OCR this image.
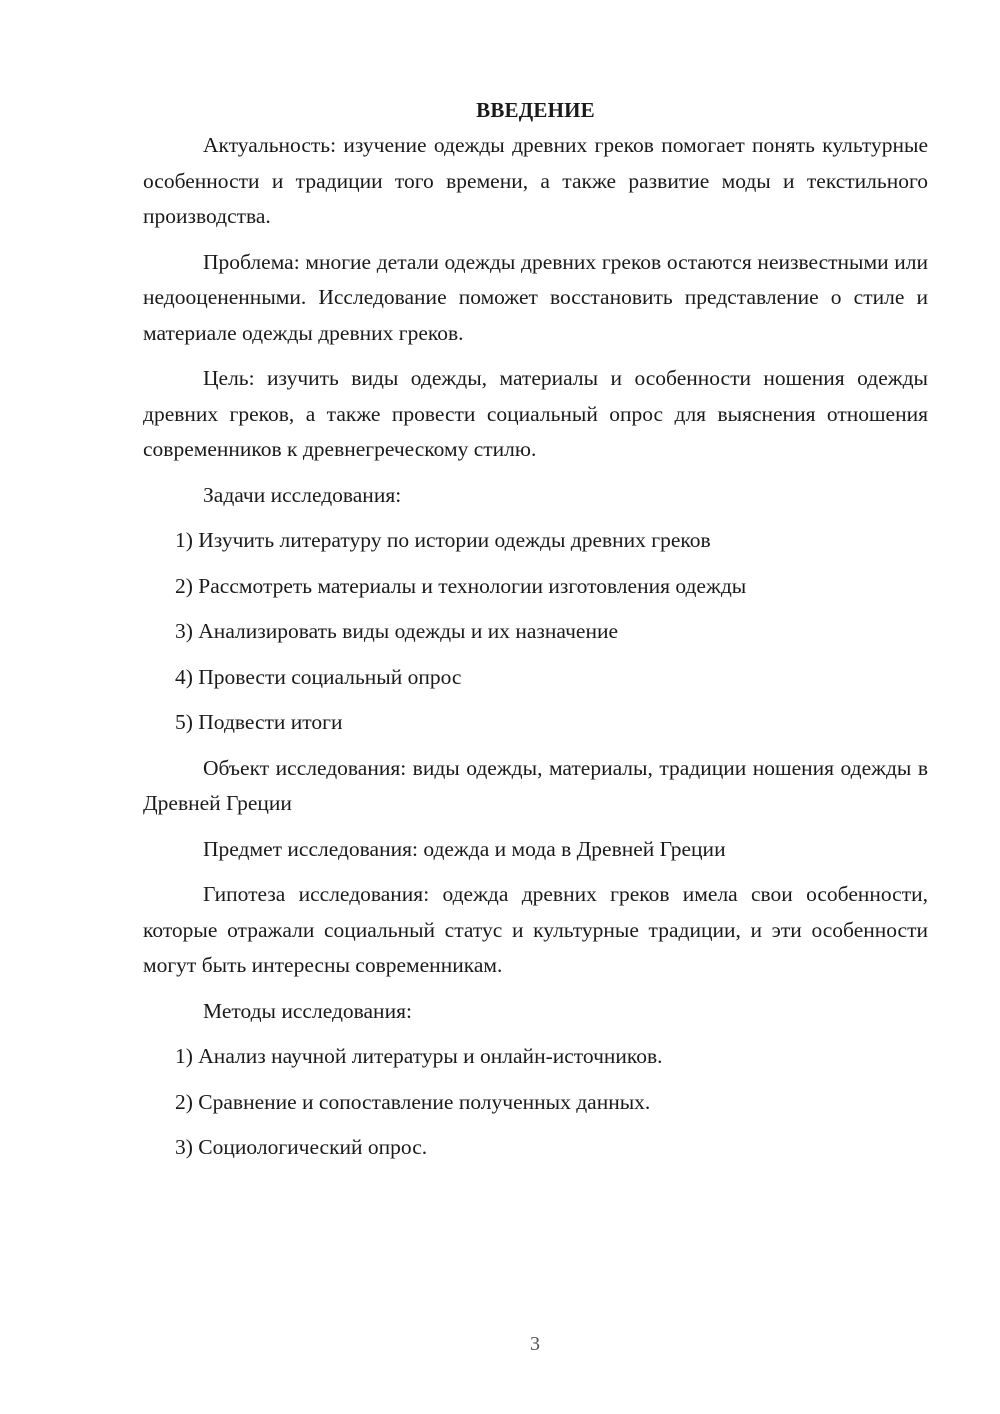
ВВЕДЕНИЕ

Актуальность: изучение одежды древних греков помогает понять культурные особенности и традиции того времени, а также развитие моды и текстильного производства.

Проблема: многие детали одежды древних греков остаются неизвестными или недооцененными. Исследование поможет восстановить представление о стиле и материале одежды древних греков.

Цель: изучить виды одежды, материалы и особенности ношения одежды древних греков, а также провести социальный опрос для выяснения отношения современников к древнегреческому стилю.

Задачи исследования:

1) Изучить литературу по истории одежды древних греков

2) Рассмотреть материалы и технологии изготовления одежды

3) Анализировать виды одежды и их назначение

4) Провести социальный опрос

5) Подвести итоги

Объект исследования: виды одежды, материалы, традиции ношения одежды в Древней Греции

Предмет исследования: одежда и мода в Древней Греции

Гипотеза исследования: одежда древних греков имела свои особенности, которые отражали социальный статус и культурные традиции, и эти особенности могут быть интересны современникам.

Методы исследования:

1) Анализ научной литературы и онлайн-источников.

2) Сравнение и сопоставление полученных данных.

3) Социологический опрос.

3
